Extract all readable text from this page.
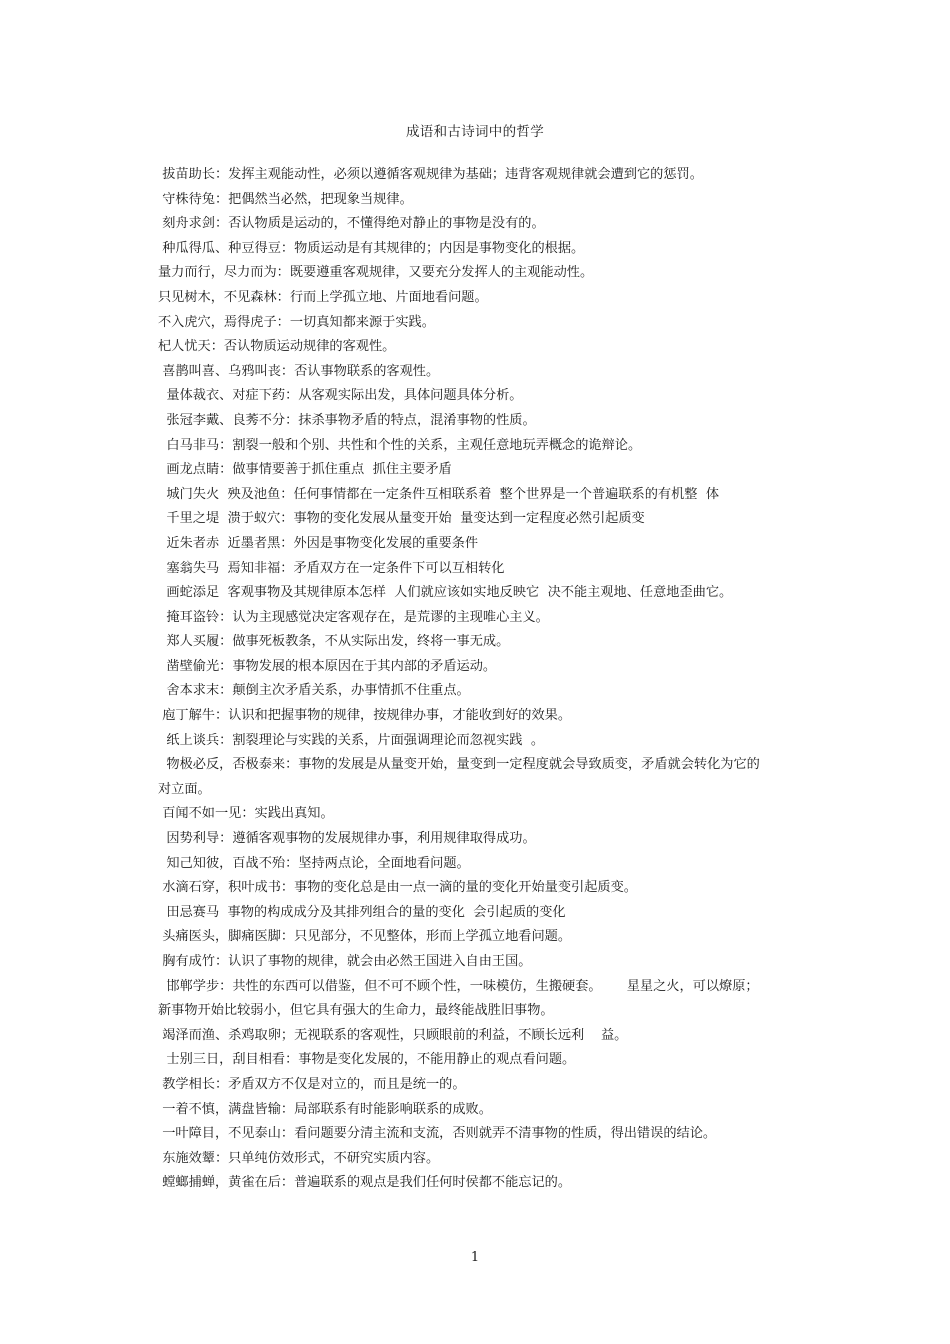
成语和古诗词中的哲学
拔苗助长：发挥主观能动性，必须以遵循客观规律为基础；违背客观规律就会遭到它的惩罚。
守株待兔：把偶然当必然，把现象当规律。
刻舟求剑：否认物质是运动的，不懂得绝对静止的事物是没有的。
种瓜得瓜、种豆得豆：物质运动是有其规律的；内因是事物变化的根据。
量力而行，尽力而为：既要遵重客观规律，又要充分发挥人的主观能动性。
只见树木，不见森林：行而上学孤立地、片面地看问题。
不入虎穴，焉得虎子：一切真知都来源于实践。
杞人忧天：否认物质运动规律的客观性。
喜鹊叫喜、乌鸦叫丧：否认事物联系的客观性。
量体裁衣、对症下药：从客观实际出发，具体问题具体分析。
张冠李戴、良莠不分：抹杀事物矛盾的特点，混淆事物的性质。
白马非马：割裂一般和个别、共性和个性的关系，主观任意地玩弄概念的诡辩论。
画龙点睛：做事情要善于抓住重点  抓住主要矛盾
城门失火  殃及池鱼：任何事情都在一定条件互相联系着  整个世界是一个普遍联系的有机整  体
千里之堤  溃于蚁穴：事物的变化发展从量变开始  量变达到一定程度必然引起质变
近朱者赤  近墨者黑：外因是事物变化发展的重要条件
塞翁失马  焉知非福：矛盾双方在一定条件下可以互相转化
画蛇添足  客观事物及其规律原本怎样  人们就应该如实地反映它  决不能主观地、任意地歪曲它。
掩耳盗铃：认为主现感觉决定客观存在，是荒谬的主现唯心主义。
郑人买履：做事死板教条，不从实际出发，终将一事无成。
凿壁偷光：事物发展的根本原因在于其内部的矛盾运动。
舍本求末：颠倒主次矛盾关系，办事情抓不住重点。
庖丁解牛：认识和把握事物的规律，按规律办事，才能收到好的效果。
纸上谈兵：割裂理论与实践的关系，片面强调理论而忽视实践  。
物极必反，否极泰来：事物的发展是从量变开始，量变到一定程度就会导致质变，矛盾就会转化为它的
对立面。
百闻不如一见：实践出真知。
因势利导：遵循客观事物的发展规律办事，利用规律取得成功。
知己知彼，百战不殆：坚持两点论，全面地看问题。
水滴石穿，积叶成书：事物的变化总是由一点一滴的量的变化开始量变引起质变。
田忌赛马  事物的构成成分及其排列组合的量的变化  会引起质的变化
头痛医头，脚痛医脚：只见部分，不见整体，形而上学孤立地看问题。
胸有成竹：认识了事物的规律，就会由必然王国进入自由王国。
邯郸学步：共性的东西可以借鉴，但不可不顾个性，一味模仿，生搬硬套。      星星之火，可以燎原；
新事物开始比较弱小，但它具有强大的生命力，最终能战胜旧事物。
竭泽而渔、杀鸡取卵；无视联系的客观性，只顾眼前的利益，不顾长远利    益。
士别三日，刮目相看：事物是变化发展的，不能用静止的观点看问题。
教学相长：矛盾双方不仅是对立的，而且是统一的。
一着不慎，满盘皆输：局部联系有时能影响联系的成败。
一叶障目，不见泰山：看问题要分清主流和支流，否则就弄不清事物的性质，得出错误的结论。
东施效颦：只单纯仿效形式，不研究实质内容。
螳螂捕蝉，黄雀在后：普遍联系的观点是我们任何时侯都不能忘记的。
1
